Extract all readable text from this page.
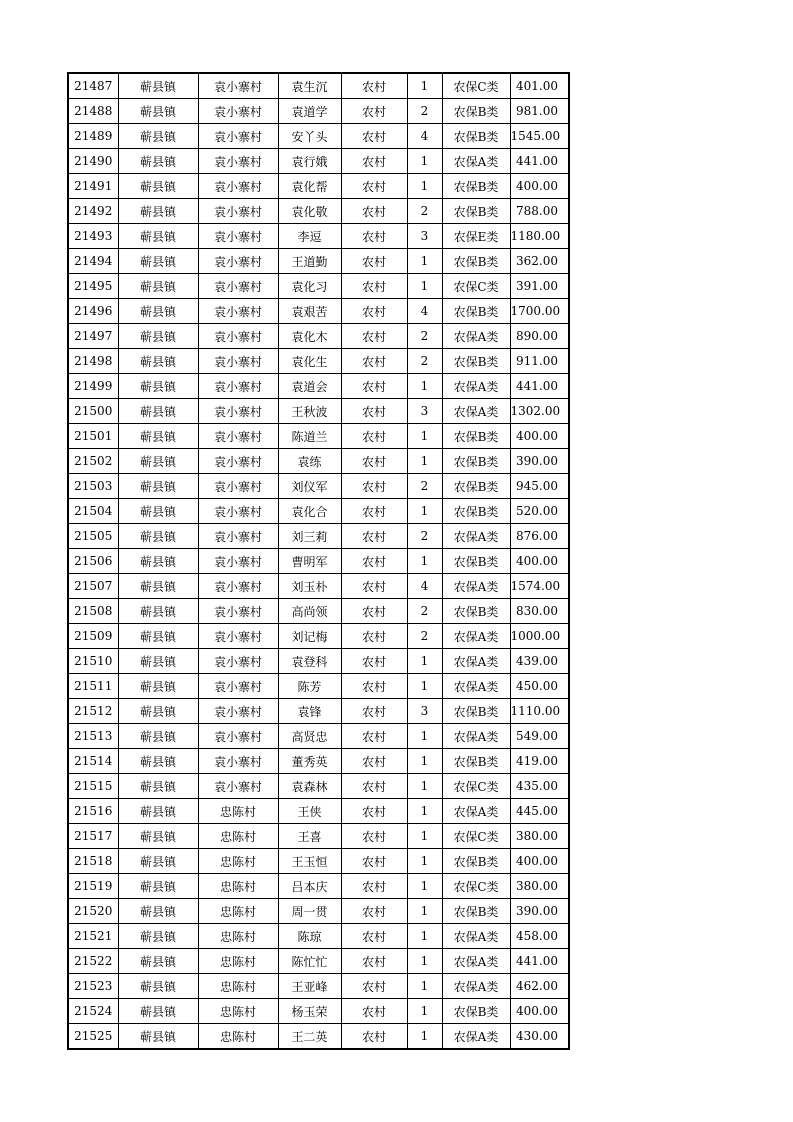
21487	蕲县镇	袁小寨村	袁生沉	农村	1	农保C类	401.00
21488	蕲县镇	袁小寨村	袁道学	农村	2	农保B类	981.00
21489	蕲县镇	袁小寨村	安丫头	农村	4	农保B类	1545.00
21490	蕲县镇	袁小寨村	袁行娥	农村	1	农保A类	441.00
21491	蕲县镇	袁小寨村	袁化帮	农村	1	农保B类	400.00
21492	蕲县镇	袁小寨村	袁化敬	农村	2	农保B类	788.00
21493	蕲县镇	袁小寨村	李逗	农村	3	农保E类	1180.00
21494	蕲县镇	袁小寨村	王道勤	农村	1	农保B类	362.00
21495	蕲县镇	袁小寨村	袁化习	农村	1	农保C类	391.00
21496	蕲县镇	袁小寨村	袁艰苦	农村	4	农保B类	1700.00
21497	蕲县镇	袁小寨村	袁化木	农村	2	农保A类	890.00
21498	蕲县镇	袁小寨村	袁化生	农村	2	农保B类	911.00
21499	蕲县镇	袁小寨村	袁道会	农村	1	农保A类	441.00
21500	蕲县镇	袁小寨村	王秋波	农村	3	农保A类	1302.00
21501	蕲县镇	袁小寨村	陈道兰	农村	1	农保B类	400.00
21502	蕲县镇	袁小寨村	袁练	农村	1	农保B类	390.00
21503	蕲县镇	袁小寨村	刘仪军	农村	2	农保B类	945.00
21504	蕲县镇	袁小寨村	袁化合	农村	1	农保B类	520.00
21505	蕲县镇	袁小寨村	刘三莉	农村	2	农保A类	876.00
21506	蕲县镇	袁小寨村	曹明军	农村	1	农保B类	400.00
21507	蕲县镇	袁小寨村	刘玉朴	农村	4	农保A类	1574.00
21508	蕲县镇	袁小寨村	高尚领	农村	2	农保B类	830.00
21509	蕲县镇	袁小寨村	刘记梅	农村	2	农保A类	1000.00
21510	蕲县镇	袁小寨村	袁登科	农村	1	农保A类	439.00
21511	蕲县镇	袁小寨村	陈芳	农村	1	农保A类	450.00
21512	蕲县镇	袁小寨村	袁锋	农村	3	农保B类	1110.00
21513	蕲县镇	袁小寨村	高贤忠	农村	1	农保A类	549.00
21514	蕲县镇	袁小寨村	董秀英	农村	1	农保B类	419.00
21515	蕲县镇	袁小寨村	袁森林	农村	1	农保C类	435.00
21516	蕲县镇	忠陈村	王侠	农村	1	农保A类	445.00
21517	蕲县镇	忠陈村	王喜	农村	1	农保C类	380.00
21518	蕲县镇	忠陈村	王玉恒	农村	1	农保B类	400.00
21519	蕲县镇	忠陈村	吕本庆	农村	1	农保C类	380.00
21520	蕲县镇	忠陈村	周一贯	农村	1	农保B类	390.00
21521	蕲县镇	忠陈村	陈琼	农村	1	农保A类	458.00
21522	蕲县镇	忠陈村	陈忙忙	农村	1	农保A类	441.00
21523	蕲县镇	忠陈村	王亚峰	农村	1	农保A类	462.00
21524	蕲县镇	忠陈村	杨玉荣	农村	1	农保B类	400.00
21525	蕲县镇	忠陈村	王二英	农村	1	农保A类	430.00
